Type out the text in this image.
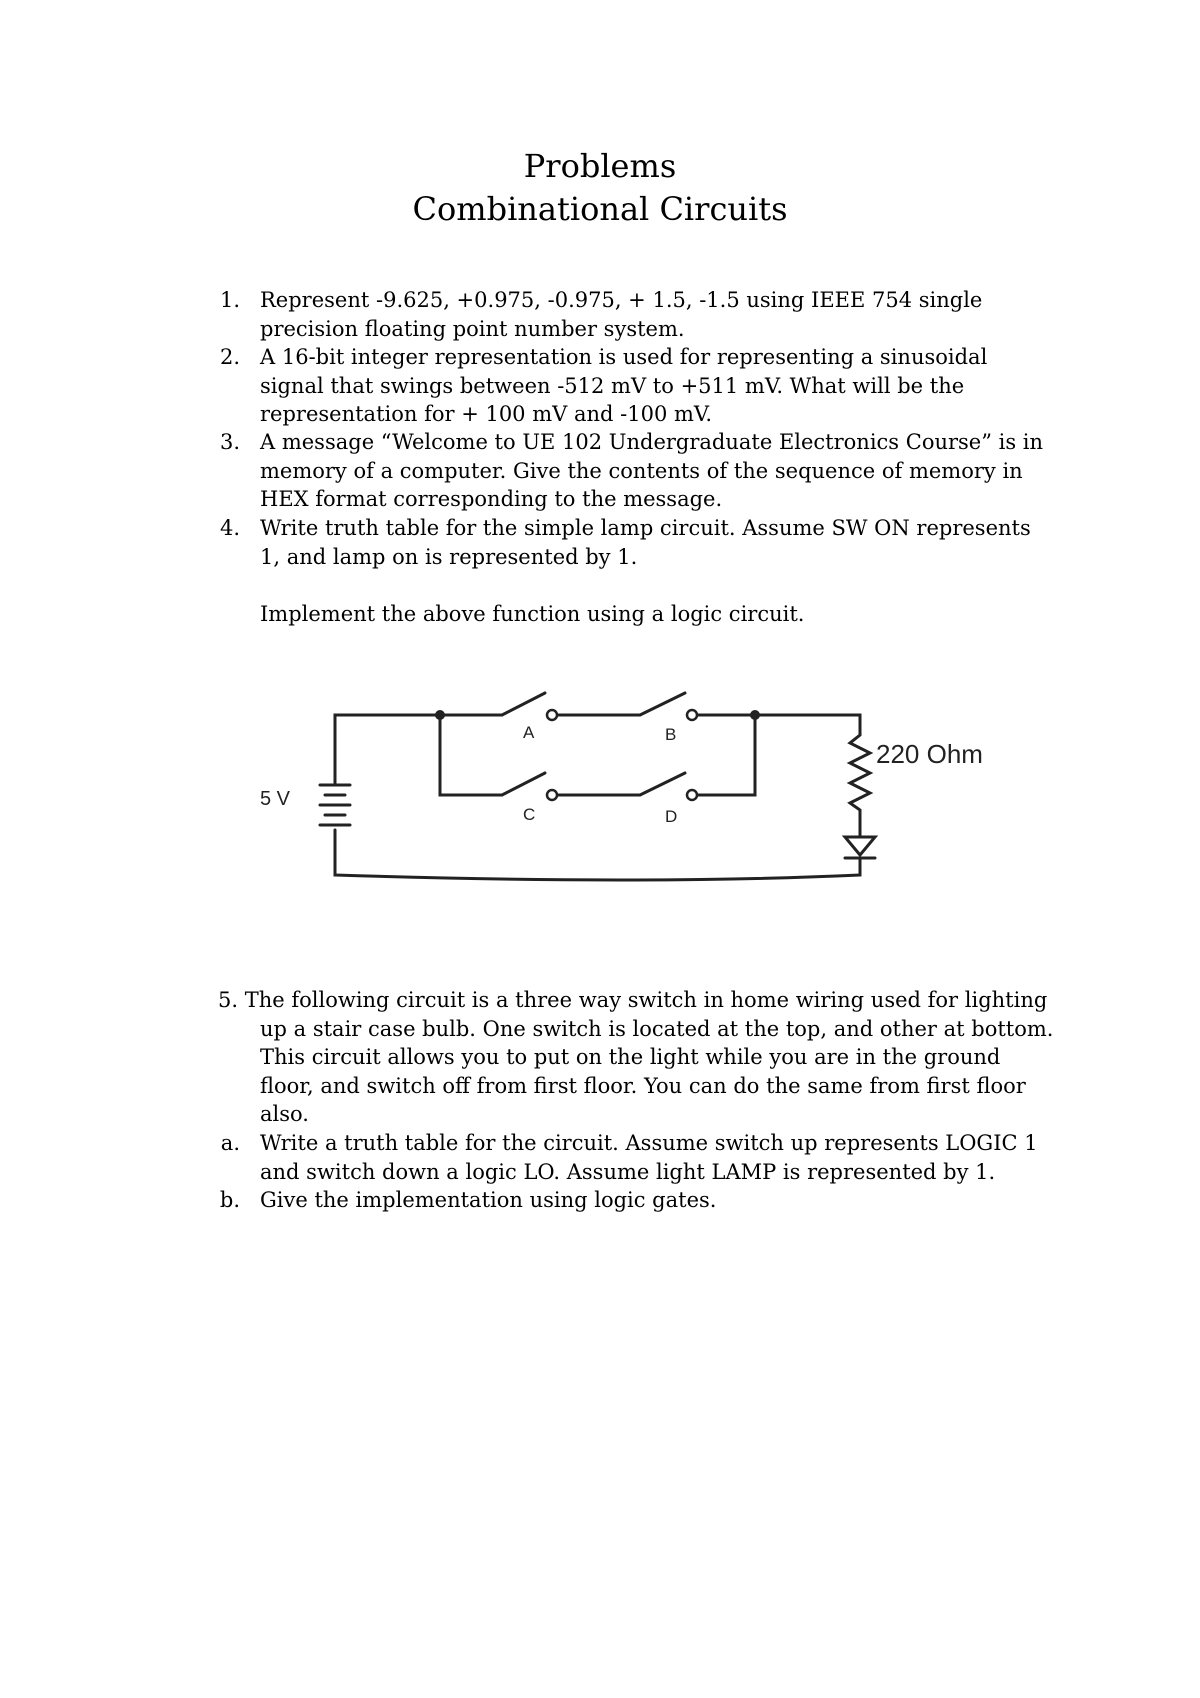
Problems
Combinational Circuits
1. Represent -9.625, +0.975, -0.975, + 1.5, -1.5 using IEEE 754 single
precision floating point number system.
2. A 16-bit integer representation is used for representing a sinusoidal
signal that swings between -512 mV to +511 mV. What will be the
representation for + 100 mV and -100 mV.
3. A message “Welcome to UE 102 Undergraduate Electronics Course” is in
memory of a computer. Give the contents of the sequence of memory in
HEX format corresponding to the message.
4. Write truth table for the simple lamp circuit. Assume SW ON represents
1, and lamp on is represented by 1.
Implement the above function using a logic circuit.
A	B
C	D
5 V
220 Ohm
5. The following circuit is a three way switch in home wiring used for lighting
up a stair case bulb. One switch is located at the top, and other at bottom.
This circuit allows you to put on the light while you are in the ground
floor, and switch off from first floor. You can do the same from first floor
also.
a. Write a truth table for the circuit. Assume switch up represents LOGIC 1
and switch down a logic LO. Assume light LAMP is represented by 1.
b. Give the implementation using logic gates.
